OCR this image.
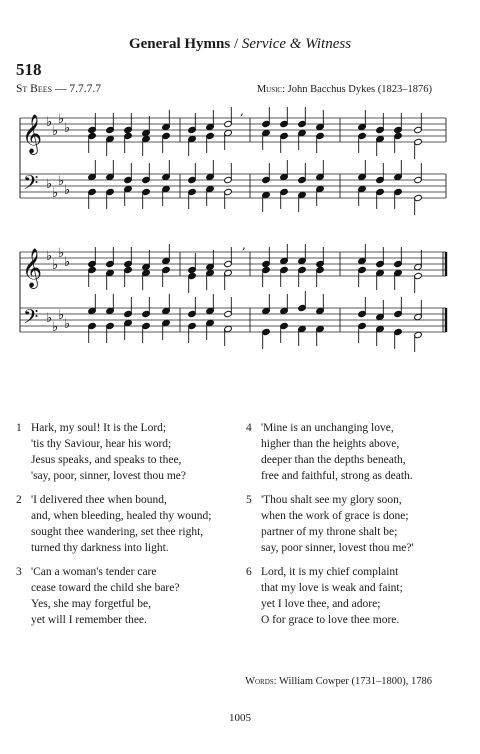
General Hymns / Service & Witness
518
St Bees — 7.7.7.7	Music: John Bacchus Dykes (1823–1876)
𝄞
𝄢
♭
♭
♭
♭
♭
♭
♭
♭
,
𝄞
𝄢
♭
♭
♭
♭
♭
♭
♭
♭
,
1 Hark, my soul! It is the Lord;
'tis thy Saviour, hear his word;
Jesus speaks, and speaks to thee,
'say, poor, sinner, lovest thou me?
2 'I delivered thee when bound,
and, when bleeding, healed thy wound;
sought thee wandering, set thee right,
turned thy darkness into light.
3 'Can a woman's tender care
cease toward the child she bare?
Yes, she may forgetful be,
yet will I remember thee.
4 'Mine is an unchanging love,
higher than the heights above,
deeper than the depths beneath,
free and faithful, strong as death.
5 'Thou shalt see my glory soon,
when the work of grace is done;
partner of my throne shalt be;
say, poor sinner, lovest thou me?'
6 Lord, it is my chief complaint
that my love is weak and faint;
yet I love thee, and adore;
O for grace to love thee more.
Words: William Cowper (1731–1800), 1786
1005
